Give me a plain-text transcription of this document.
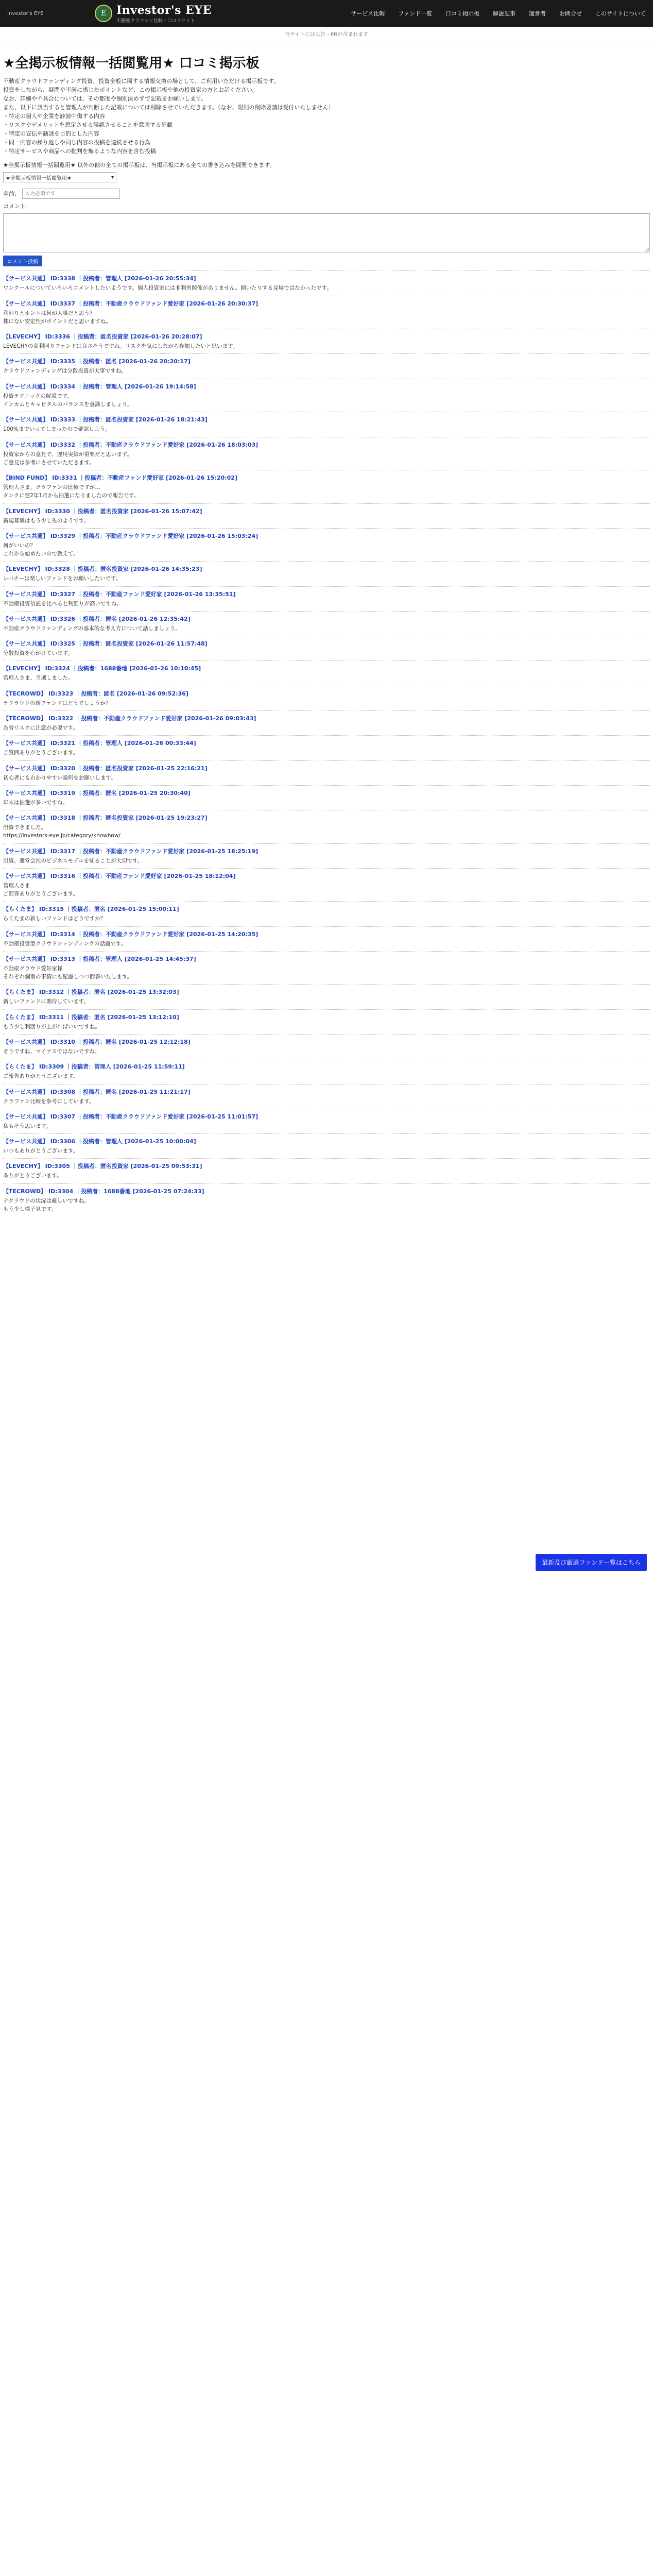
Investor's EYE	E Investor's EYE
不動産クラファン比較・口コミサイト
サービス比較 ファンド一覧 口コミ掲示板 解説記事 運営者 お問合せ このサイトについて
当サイトには広告・PRが含まれます
★全掲示板情報一括閲覧用★ 口コミ掲示板

不動産クラウドファンディング投資、投資全般に関する情報交換の場として、ご利用いただける掲示板です。

投資をしながら、疑問や不満に感じたポイントなど、この掲示板や他の投資家の方とお話ください。

なお、詳細や不具合については、その都度や個別決めずで記載をお願いします。

また、以下に該当すると管理人が判断した記載については削除させていただきます。（なお、規則の削除要請は受付いたしません）

・特定の個人や企業を誹謗中傷する内容

・リスクやデメリットを想定させる誤認させることを意図する記載

・特定の宣伝や勧誘を目的とした内容

・同一内容の繰り返しや同じ内容の投稿を連続させる行為

・特定サービスや商品への批判を煽るような内容を含む投稿

★全掲示板情報一括閲覧用★ 以外の他の全ての掲示板は、当掲示板にある全ての書き込みを閲覧できます。

★全掲示板情報一括閲覧用★	▾
名前：
入力必須です
コメント：
コメント投稿
【サービス共通】 ID:3338 ｜投稿者：管理人 [2026-01-26 20:55:34]
ワンクールについていろいろコメントしたいようです。個人投資家には非利害関係がありません。開いたりする見場ではなかったです。
【サービス共通】 ID:3337 ｜投稿者：不動産クラウドファンド愛好家 [2026-01-26 20:30:37]
利回りとホントは何が大事だと思う？
株にない安定性がポイントだと思いますね。
【LEVECHY】 ID:3336 ｜投稿者：匿名投資家 [2026-01-26 20:28:07]
LEVECHYの高利回りファンドは良さそうですね。リスクを気にしながら参加したいと思います。
【サービス共通】 ID:3335 ｜投稿者：匿名 [2026-01-26 20:20:17]
クラウドファンディングは分散投資が大事ですね。
【サービス共通】 ID:3334 ｜投稿者：管理人 [2026-01-26 19:14:58]
投資テクニックの解説です。
インカムとキャピタルのバランスを意識しましょう。
【サービス共通】 ID:3333 ｜投稿者：匿名投資家 [2026-01-26 18:21:43]
100%までいってしまったので確認しよう。
【サービス共通】 ID:3332 ｜投稿者：不動産クラウドファンド愛好家 [2026-01-26 18:03:03]
投資家からの意見で、運用実績が重要だと思います。
ご意見は参考にさせていただきます。
【BIND FUND】 ID:3331 ｜投稿者：不動産ファンド愛好家 [2026-01-26 15:20:02]
管理人さま、クラファンの比較ですが…
タンクに空2年1月から抽選になりましたので報告です。
【LEVECHY】 ID:3330 ｜投稿者：匿名投資家 [2026-01-26 15:07:42]
新規募集はもう少し先のようです。
【サービス共通】 ID:3329 ｜投稿者：不動産クラウドファンド愛好家 [2026-01-26 15:03:24]
何がいいの？
これから始めたいので教えて。
【LEVECHY】 ID:3328 ｜投稿者：匿名投資家 [2026-01-26 14:35:23]
レバチーは楽しいファンドをお願いしたいです。
【サービス共通】 ID:3327 ｜投稿者：不動産ファンド愛好家 [2026-01-26 13:35:51]
不動産投資信託を比べると利回りが高いですね。
【サービス共通】 ID:3326 ｜投稿者：匿名 [2026-01-26 12:35:42]
不動産クラウドファンディングの基本的な考え方について話しましょう。
【サービス共通】 ID:3325 ｜投稿者：匿名投資家 [2026-01-26 11:57:48]
分散投資を心がけています。
【LEVECHY】 ID:3324 ｜投稿者：1688番地 [2026-01-26 10:10:45]
管理人さま、当選しました。
【TECROWD】 ID:3323 ｜投稿者：匿名 [2026-01-26 09:52:36]
テクラウドの新ファンドはどうでしょうか？
【TECROWD】 ID:3322 ｜投稿者：不動産クラウドファンド愛好家 [2026-01-26 09:03:43]
為替リスクに注意が必要です。
【サービス共通】 ID:3321 ｜投稿者：管理人 [2026-01-26 00:33:44]
ご質問ありがとうございます。
【サービス共通】 ID:3320 ｜投稿者：匿名投資家 [2026-01-25 22:16:21]
初心者にもわかりやすい説明をお願いします。
【サービス共通】 ID:3319 ｜投稿者：匿名 [2026-01-25 20:30:40]
年末は抽選が多いですね。
【サービス共通】 ID:3318 ｜投稿者：匿名投資家 [2026-01-25 19:23:27]
出資できました。
https://investors-eye.jp/category/knowhow/
【サービス共通】 ID:3317 ｜投稿者：不動産クラウドファンド愛好家 [2026-01-25 18:25:19]
出資。運営会社のビジネスモデルを知ることが大切です。
【サービス共通】 ID:3316 ｜投稿者：不動産ファンド愛好家 [2026-01-25 18:12:04]
管理人さま
ご回答ありがとうございます。
【らくたま】 ID:3315 ｜投稿者：匿名 [2026-01-25 15:00:11]
らくたまの新しいファンドはどうですか？
【サービス共通】 ID:3314 ｜投稿者：不動産クラウドファンド愛好家 [2026-01-25 14:20:35]
不動産投資型クラウドファンディングの話題です。
【サービス共通】 ID:3313 ｜投稿者：管理人 [2026-01-25 14:45:37]
不動産クラウド愛好家様
それぞれ個別の事情にも配慮しつつ回答いたします。
【らくたま】 ID:3312 ｜投稿者：匿名 [2026-01-25 13:32:03]
新しいファンドに期待しています。
【らくたま】 ID:3311 ｜投稿者：匿名 [2026-01-25 13:12:10]
もう少し利回りが上がればいいですね。
【サービス共通】 ID:3310 ｜投稿者：匿名 [2026-01-25 12:12:18]
そうですね、マイナスではないですね。
【らくたま】 ID:3309 ｜投稿者：管理人 [2026-01-25 11:59:11]
ご報告ありがとうございます。
【サービス共通】 ID:3308 ｜投稿者：匿名 [2026-01-25 11:21:17]
クラファン比較を参考にしています。
【サービス共通】 ID:3307 ｜投稿者：不動産クラウドファンド愛好家 [2026-01-25 11:01:57]
私もそう思います。
【サービス共通】 ID:3306 ｜投稿者：管理人 [2026-01-25 10:00:04]
いつもありがとうございます。
【LEVECHY】 ID:3305 ｜投稿者：匿名投資家 [2026-01-25 09:53:31]
ありがとうございます。
【TECROWD】 ID:3304 ｜投稿者：1688番地 [2026-01-25 07:24:33]
テクラウドの状況は厳しいですね。
もう少し様子見です。
最新及び厳選ファンド一覧はこちら
